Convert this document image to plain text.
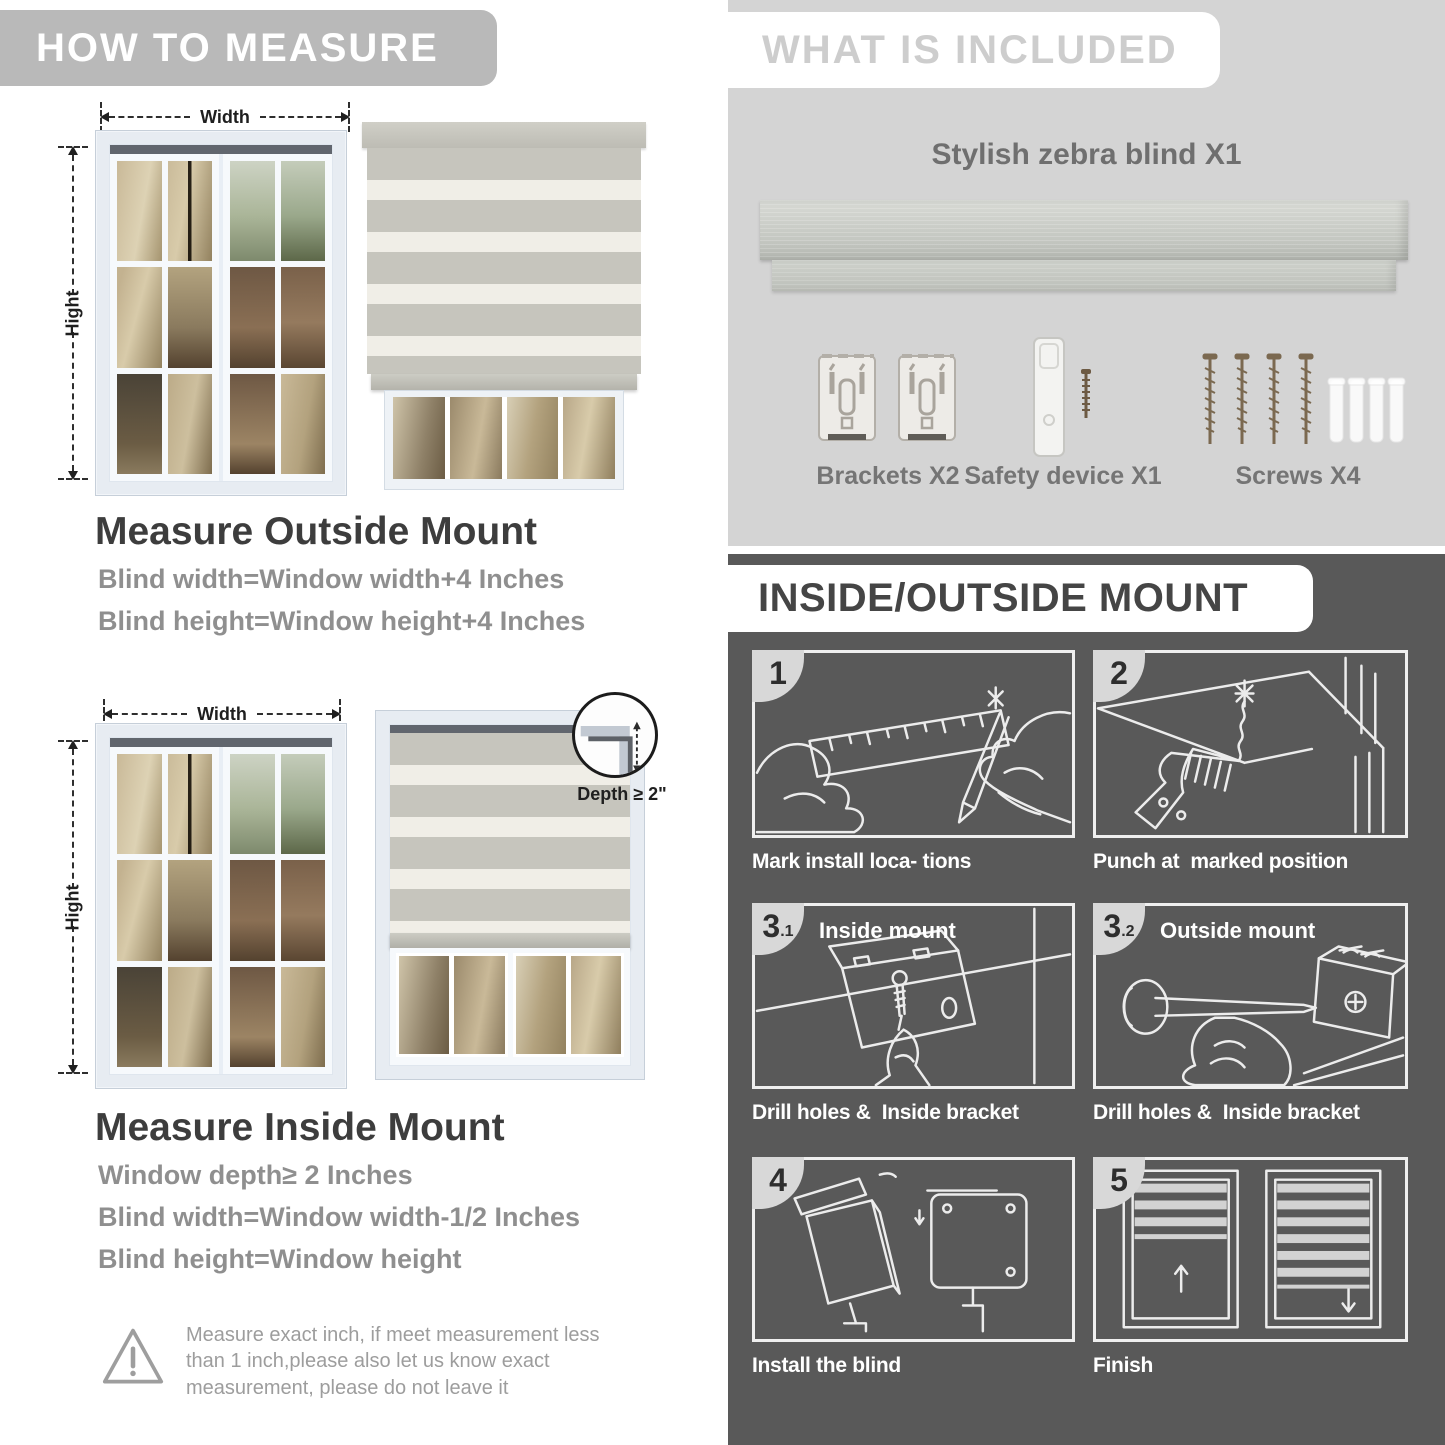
HOW TO MEASURE
Width
Hight
Measure Outside Mount
Blind width=Window width+4 Inches
Blind height=Window height+4 Inches
Width
Hight
Depth ≥ 2"
Measure Inside Mount
Window depth≥ 2 Inches
Blind width=Window width-1/2 Inches
Blind height=Window height
Measure exact inch, if meet measurement less than 1 inch,please also let us know exact measurement, please do not leave it
WHAT IS INCLUDED
Stylish zebra blind X1
Brackets X2 Safety device X1	Screws X4
INSIDE/OUTSIDE MOUNT
1
Mark install loca- tions
2
Punch at  marked position
3 .1 Inside mount
Drill holes &  Inside bracket
3 .2 Outside mount
Drill holes &  Inside bracket
4
Install the blind
5
Finish
